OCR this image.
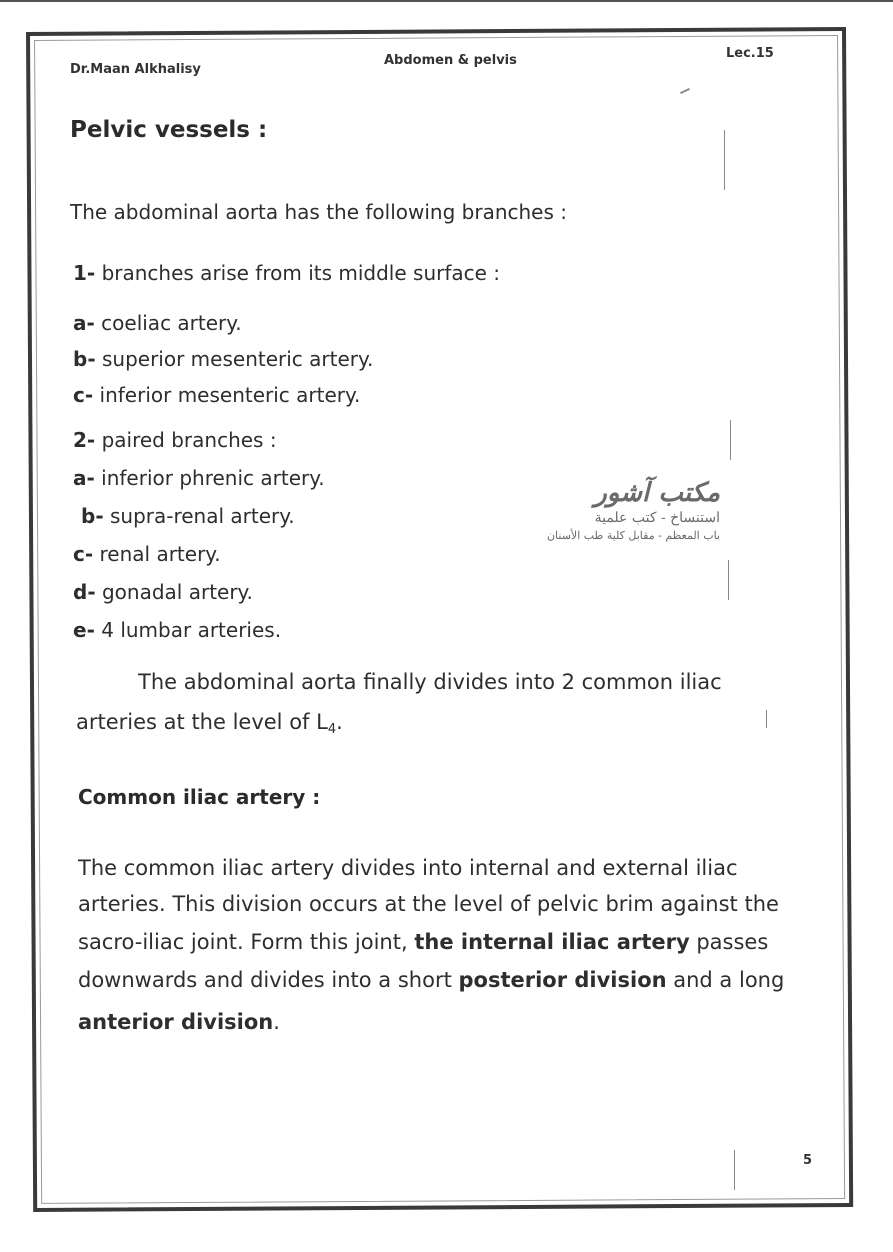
Dr.Maan Alkhalisy
Abdomen & pelvis	Lec.15
Pelvic vessels :
The abdominal aorta has the following branches :
1- branches arise from its middle surface :
a- coeliac artery.
b- superior mesenteric artery.
c- inferior mesenteric artery.
2- paired branches :
a- inferior phrenic artery.
b- supra-renal artery.
c- renal artery.
d- gonadal artery.
e- 4 lumbar arteries.
مكتب آشور
استنساخ - كتب علمية
باب المعظم - مقابل كلية طب الأسنان
The abdominal aorta finally divides into 2 common iliac
arteries at the level of $L_4$.
Common iliac artery :
The common iliac artery divides into internal and external iliac
arteries. This division occurs at the level of pelvic brim against the
sacro-iliac joint. Form this joint, the internal iliac artery passes
downwards and divides into a short posterior division and a long
anterior division.
5
